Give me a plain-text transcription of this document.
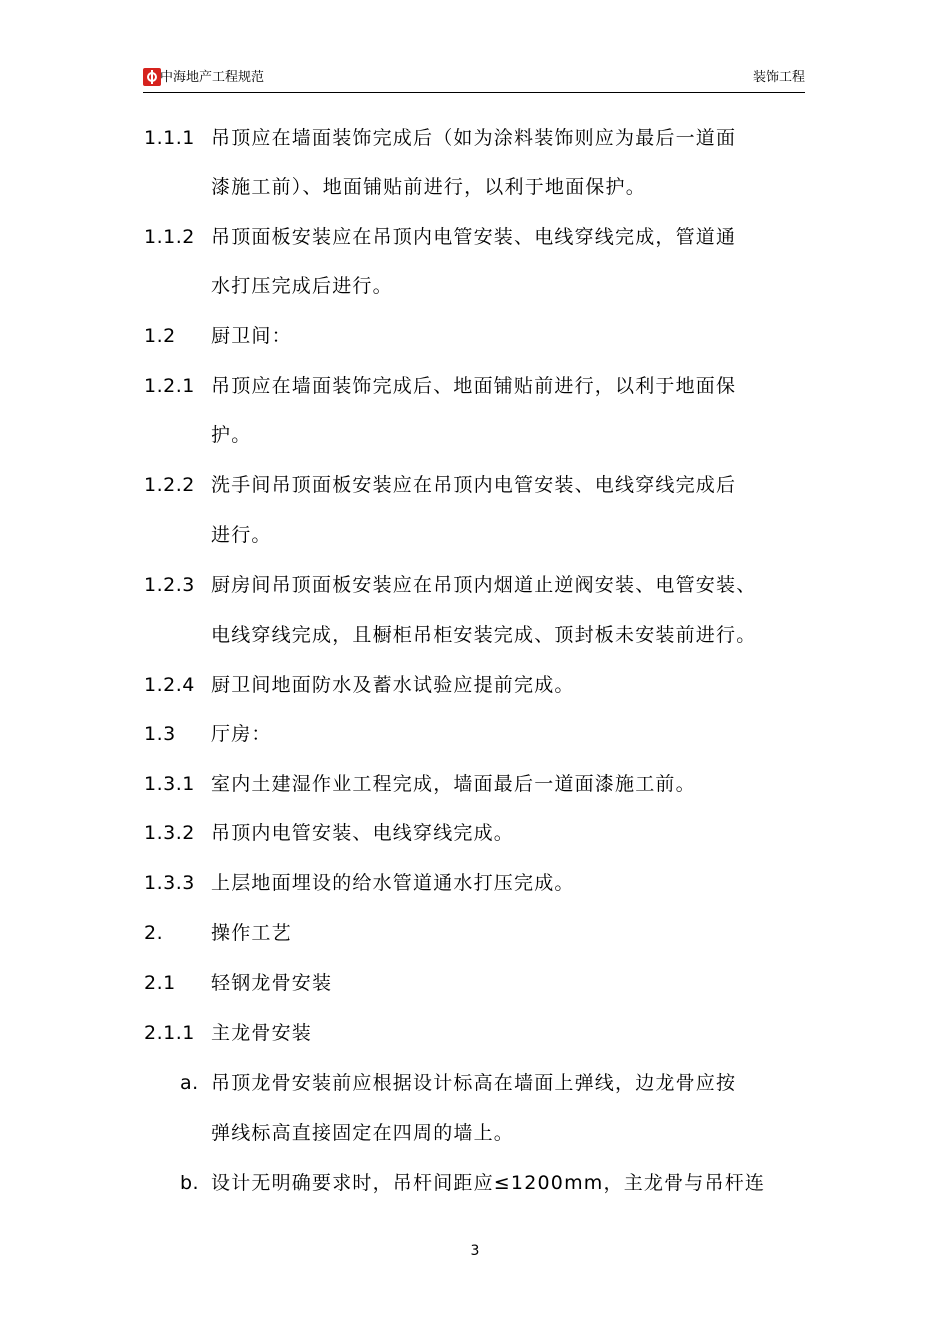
中海地产工程规范	装饰工程
1.1.1 吊顶应在墙面装饰完成后（如为涂料装饰则应为最后一道面
漆施工前）、地面铺贴前进行，以利于地面保护。
1.1.2 吊顶面板安装应在吊顶内电管安装、电线穿线完成，管道通
水打压完成后进行。
1.2 厨卫间：
1.2.1 吊顶应在墙面装饰完成后、地面铺贴前进行，以利于地面保
护。
1.2.2 洗手间吊顶面板安装应在吊顶内电管安装、电线穿线完成后
进行。
1.2.3 厨房间吊顶面板安装应在吊顶内烟道止逆阀安装、电管安装、
电线穿线完成，且橱柜吊柜安装完成、顶封板未安装前进行。
1.2.4 厨卫间地面防水及蓄水试验应提前完成。
1.3 厅房：
1.3.1 室内土建湿作业工程完成，墙面最后一道面漆施工前。
1.3.2 吊顶内电管安装、电线穿线完成。
1.3.3 上层地面埋设的给水管道通水打压完成。
2.	操作工艺
2.1 轻钢龙骨安装
2.1.1 主龙骨安装
a. 吊顶龙骨安装前应根据设计标高在墙面上弹线，边龙骨应按
弹线标高直接固定在四周的墙上。
b. 设计无明确要求时，吊杆间距应≤1200mm，主龙骨与吊杆连
3
